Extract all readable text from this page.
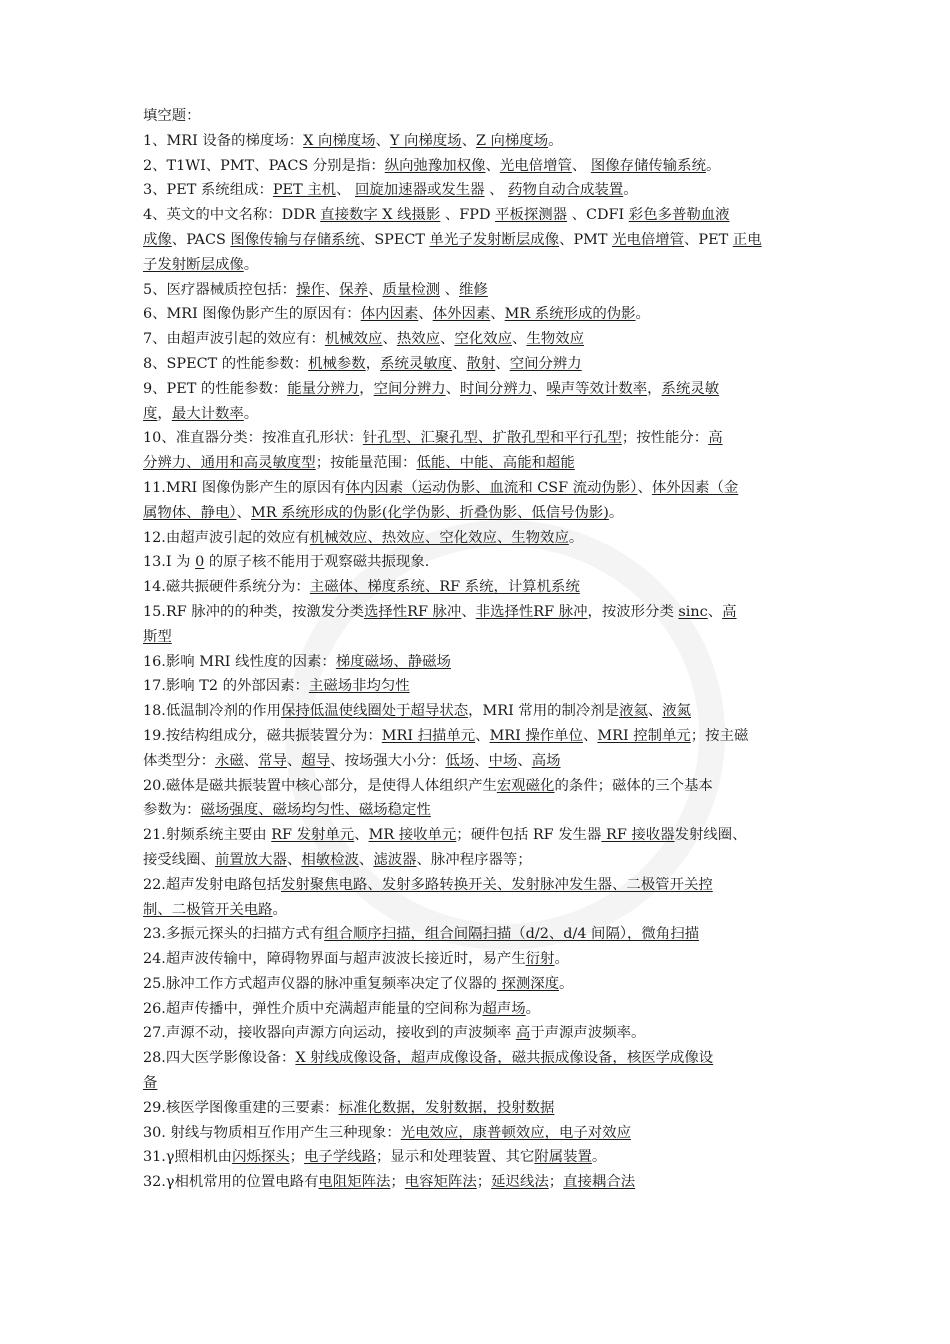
填空题：
1、MRI 设备的梯度场：X 向梯度场、Y 向梯度场、Z 向梯度场。
2、T1WI、PMT、PACS 分别是指：纵向弛豫加权像、光电倍增管、 图像存储传输系统。
3、PET 系统组成：PET 主机、 回旋加速器或发生器 、 药物自动合成装置。
4、英文的中文名称：DDR 直接数字 X 线摄影 、FPD 平板探测器 、CDFI 彩色多普勒血液
成像、PACS 图像传输与存储系统、SPECT 单光子发射断层成像、PMT 光电倍增管、PET 正电
子发射断层成像。
5、医疗器械质控包括：操作、保养、质量检测 、维修
6、MRI 图像伪影产生的原因有：体内因素、体外因素、MR 系统形成的伪影。
7、由超声波引起的效应有：机械效应、热效应、空化效应、生物效应
8、SPECT 的性能参数：机械参数，系统灵敏度、散射、空间分辨力
9、PET 的性能参数：能量分辨力，空间分辨力、时间分辨力、噪声等效计数率，系统灵敏
度，最大计数率。
10、准直器分类：按准直孔形状：针孔型、汇聚孔型、扩散孔型和平行孔型；按性能分：高
分辨力、通用和高灵敏度型；按能量范围：低能、中能、高能和超能
11.MRI 图像伪影产生的原因有体内因素（运动伪影、血流和 CSF 流动伪影）、体外因素（金
属物体、静电）、MR 系统形成的伪影(化学伪影、折叠伪影、低信号伪影)。
12.由超声波引起的效应有机械效应、热效应、空化效应、生物效应。
13.I 为 0 的原子核不能用于观察磁共振现象.
14.磁共振硬件系统分为：主磁体、梯度系统、RF 系统，计算机系统
15.RF 脉冲的的种类，按激发分类选择性RF 脉冲、非选择性RF 脉冲，按波形分类 sinc、高
斯型
16.影响 MRI 线性度的因素：梯度磁场、静磁场
17.影响 T2 的外部因素：主磁场非均匀性
18.低温制冷剂的作用保持低温使线圈处于超导状态，MRI 常用的制冷剂是液氦、液氮
19.按结构组成分，磁共振装置分为：MRI 扫描单元、MRI 操作单位、MRI 控制单元；按主磁
体类型分：永磁、常导、超导、按场强大小分：低场、中场、高场
20.磁体是磁共振装置中核心部分，是使得人体组织产生宏观磁化的条件；磁体的三个基本
参数为：磁场强度、磁场均匀性、磁场稳定性
21.射频系统主要由 RF 发射单元、MR 接收单元；硬件包括 RF 发生器 RF 接收器发射线圈、
接受线圈、前置放大器、相敏检波、滤波器、脉冲程序器等；
22.超声发射电路包括发射聚焦电路、发射多路转换开关、发射脉冲发生器、二极管开关控
制、二极管开关电路。
23.多振元探头的扫描方式有组合顺序扫描，组合间隔扫描（d/2、d/4 间隔），微角扫描
24.超声波传输中，障碍物界面与超声波波长接近时，易产生衍射。
25.脉冲工作方式超声仪器的脉冲重复频率决定了仪器的 探测深度。
26.超声传播中，弹性介质中充满超声能量的空间称为超声场。
27.声源不动，接收器向声源方向运动，接收到的声波频率 高于声源声波频率。
28.四大医学影像设备：X 射线成像设备，超声成像设备，磁共振成像设备，核医学成像设
备
29.核医学图像重建的三要素：标准化数据，发射数据，投射数据
30. 射线与物质相互作用产生三种现象：光电效应，康普顿效应，电子对效应
31.γ照相机由闪烁探头；电子学线路；显示和处理装置、其它附属装置。
32.γ相机常用的位置电路有电阻矩阵法；电容矩阵法；延迟线法；直接耦合法
